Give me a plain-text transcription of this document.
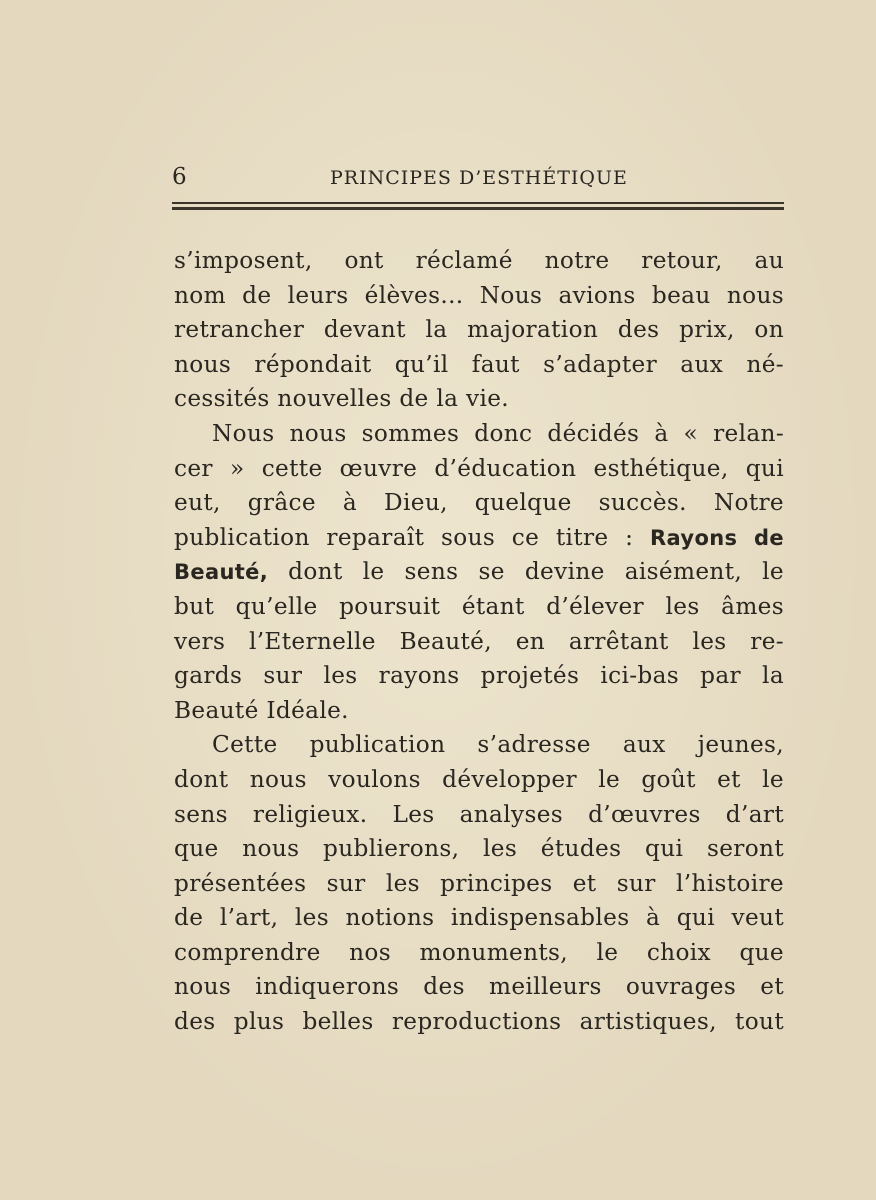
6	PRINCIPES D’ESTHÉTIQUE
s’imposent, ont réclamé notre retour, au
nom de leurs élèves... Nous avions beau nous
retrancher devant la majoration des prix, on
nous répondait qu’il faut s’adapter aux né-
cessités nouvelles de la vie.
Nous nous sommes donc décidés à « relan-
cer » cette œuvre d’éducation esthétique, qui
eut, grâce à Dieu, quelque succès. Notre
publication reparaît sous ce titre : Rayons de
Beauté, dont le sens se devine aisément, le
but qu’elle poursuit étant d’élever les âmes
vers l’Eternelle Beauté, en arrêtant les re-
gards sur les rayons projetés ici-bas par la
Beauté Idéale.
Cette publication s’adresse aux jeunes,
dont nous voulons développer le goût et le
sens religieux. Les analyses d’œuvres d’art
que nous publierons, les études qui seront
présentées sur les principes et sur l’histoire
de l’art, les notions indispensables à qui veut
comprendre nos monuments, le choix que
nous indiquerons des meilleurs ouvrages et
des plus belles reproductions artistiques, tout
